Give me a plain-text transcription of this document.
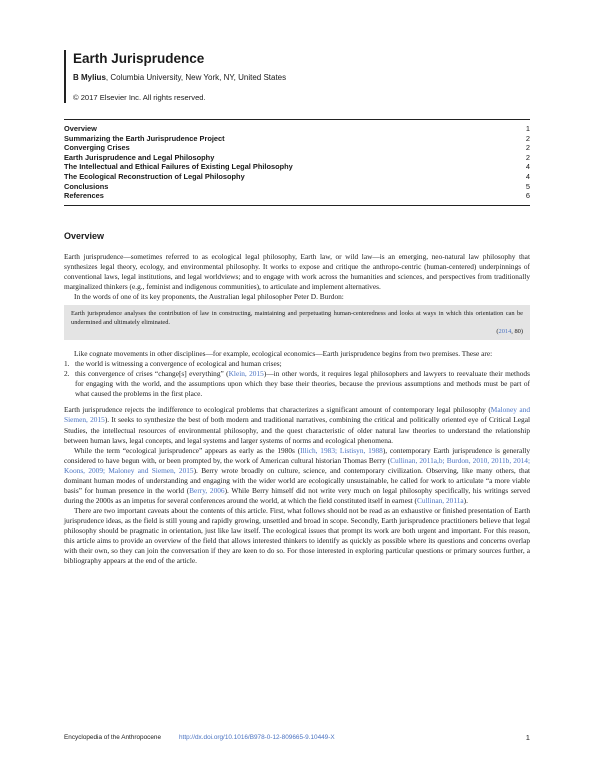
Earth Jurisprudence
B Mylius, Columbia University, New York, NY, United States
© 2017 Elsevier Inc. All rights reserved.
Overview	1
Summarizing the Earth Jurisprudence Project	2
Converging Crises	2
Earth Jurisprudence and Legal Philosophy	2
The Intellectual and Ethical Failures of Existing Legal Philosophy	4
The Ecological Reconstruction of Legal Philosophy	4
Conclusions	5
References	6
Overview

Earth jurisprudence—sometimes referred to as ecological legal philosophy, Earth law, or wild law—is an emerging, neo-natural law philosophy that synthesizes legal theory, ecology, and environmental philosophy. It works to expose and critique the anthropo-centric (human-centered) underpinnings of conventional laws, legal institutions, and legal worldviews; and to engage with work across the humanities and sciences, and perspectives from traditionally marginalized thinkers (e.g., feminist and indigenous communities), to articulate and implement alternatives.

In the words of one of its key proponents, the Australian legal philosopher Peter D. Burdon:

Earth jurisprudence analyses the contribution of law in constructing, maintaining and perpetuating human-centeredness and looks at ways in which this orientation can be undermined and ultimately eliminated.

(2014, 80)

Like cognate movements in other disciplines—for example, ecological economics—Earth jurisprudence begins from two premises. These are:

1. the world is witnessing a convergence of ecological and human crises;
2. this convergence of crises “change[s] everything” (Klein, 2015)—in other words, it requires legal philosophers and lawyers to reevaluate their methods for engaging with the world, and the assumptions upon which they base their theories, because the previous assumptions and methods must be part of what caused the problems in the first place.

Earth jurisprudence rejects the indifference to ecological problems that characterizes a significant amount of contemporary legal philosophy (Maloney and Siemen, 2015). It seeks to synthesize the best of both modern and traditional narratives, combining the critical and politically oriented eye of Critical Legal Studies, the intellectual resources of environmental philosophy, and the quest characteristic of older natural law theories to understand the relationship between human laws, legal concepts, and legal systems and larger systems of norms and ecological phenomena.

While the term “ecological jurisprudence” appears as early as the 1980s (Illich, 1983; Listisyn, 1988), contemporary Earth jurisprudence is generally considered to have begun with, or been prompted by, the work of American cultural historian Thomas Berry (Cullinan, 2011a,b; Burdon, 2010, 2011b, 2014; Koons, 2009; Maloney and Siemen, 2015). Berry wrote broadly on culture, science, and contemporary civilization. Observing, like many others, that dominant human modes of understanding and engaging with the wider world are ecologically unsustainable, he called for work to articulate “a more viable basis” for human presence in the world (Berry, 2006). While Berry himself did not write very much on legal philosophy specifically, his writings served during the 2000s as an impetus for several conferences around the world, at which the field constituted itself in earnest (Cullinan, 2011a).

There are two important caveats about the contents of this article. First, what follows should not be read as an exhaustive or finished presentation of Earth jurisprudence ideas, as the field is still young and rapidly growing, unsettled and broad in scope. Secondly, Earth jurisprudence practitioners believe that legal philosophy should be pragmatic in orientation, just like law itself. The ecological issues that prompt its work are both urgent and important. For this reason, this article aims to provide an overview of the field that allows interested thinkers to identify as quickly as possible where its questions and concerns overlap with their own, so they can join the conversation if they are keen to do so. For those interested in exploring particular questions or primary sources further, a bibliography appears at the end of the article.

Encyclopedia of the Anthropocene	http://dx.doi.org/10.1016/B978-0-12-809665-9.10449-X	1
